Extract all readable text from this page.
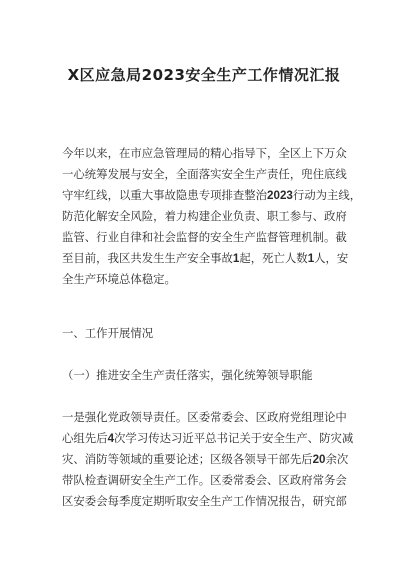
X区应急局2023安全生产工作情况汇报
今年以来，在市应急管理局的精心指导下，全区上下万众
一心统筹发展与安全，全面落实安全生产责任，兜住底线
守牢红线，以重大事故隐患专项排查整治2023行动为主线，
防范化解安全风险，着力构建企业负责、职工参与、政府
监管、行业自律和社会监督的安全生产监督管理机制。截
至目前，我区共发生生产安全事故1起，死亡人数1人，安
全生产环境总体稳定。
一、工作开展情况
（一）推进安全生产责任落实，强化统筹领导职能
一是强化党政领导责任。区委常委会、区政府党组理论中
心组先后4次学习传达习近平总书记关于安全生产、防灾减
灾、消防等领域的重要论述；区级各领导干部先后20余次
带队检查调研安全生产工作。区委常委会、区政府常务会
区安委会每季度定期听取安全生产工作情况报告，研究部
